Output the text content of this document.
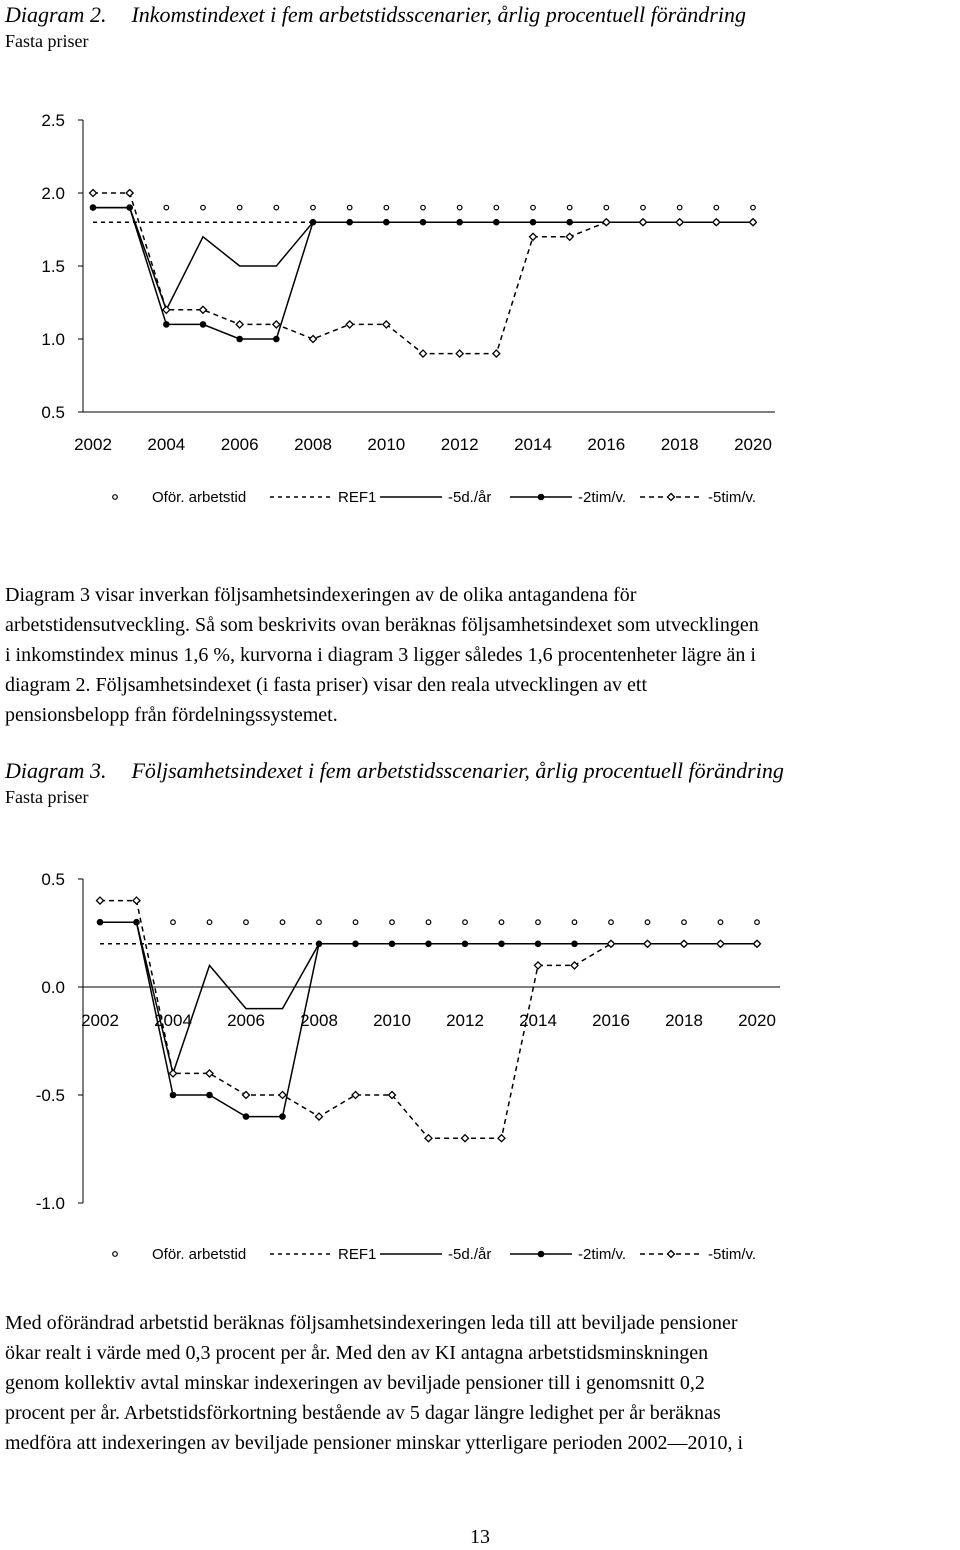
Diagram 2. Inkomstindexet i fem arbetstidsscenarier, årlig procentuell förändring
Fasta priser
0.5
1.0
1.5
2.0
2.5
2002 2004 2006 2008 2010 2012 2014 2016 2018 2020
Oför. arbetstid	REF1	-5d./år	-2tim/v.	-5tim/v.
Diagram 3 visar inverkan följsamhetsindexeringen av de olika antagandena för
arbetstidensutveckling. Så som beskrivits ovan beräknas följsamhetsindexet som utvecklingen
i inkomstindex minus 1,6 %, kurvorna i diagram 3 ligger således 1,6 procentenheter lägre än i
diagram 2. Följsamhetsindexet (i fasta priser) visar den reala utvecklingen av ett
pensionsbelopp från fördelningssystemet.
Diagram 3. Följsamhetsindexet i fem arbetstidsscenarier, årlig procentuell förändring
Fasta priser
-1.0
-0.5
0.0
0.5
2002 2004 2006 2008 2010 2012 2014 2016 2018 2020
Oför. arbetstid	REF1	-5d./år	-2tim/v.	-5tim/v.
Med oförändrad arbetstid beräknas följsamhetsindexeringen leda till att beviljade pensioner
ökar realt i värde med 0,3 procent per år. Med den av KI antagna arbetstidsminskningen
genom kollektiv avtal minskar indexeringen av beviljade pensioner till i genomsnitt 0,2
procent per år. Arbetstidsförkortning bestående av 5 dagar längre ledighet per år beräknas
medföra att indexeringen av beviljade pensioner minskar ytterligare perioden 2002—2010, i
13
